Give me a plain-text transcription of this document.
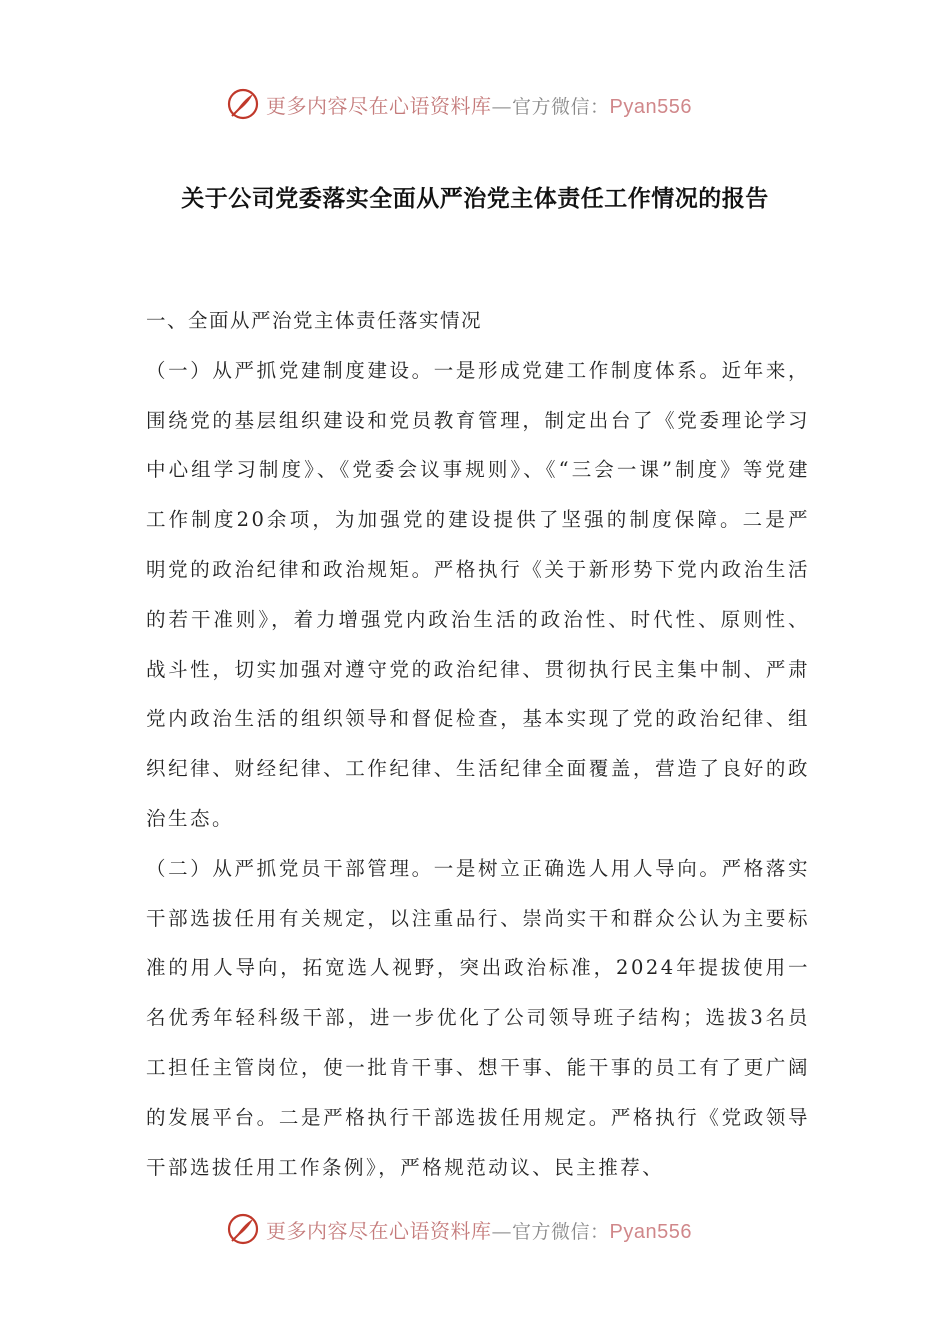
更多内容尽在心语资料库—官方微信：Pyan556
关于公司党委落实全面从严治党主体责任工作情况的报告

一、全面从严治党主体责任落实情况

（一）从严抓党建制度建设。一是形成党建工作制度体系。近年来，围绕党的基层组织建设和党员教育管理，制定出台了《党委理论学习中心组学习制度》、《党委会议事规则》、《“三会一课”制度》等党建工作制度20余项，为加强党的建设提供了坚强的制度保障。二是严明党的政治纪律和政治规矩。严格执行《关于新形势下党内政治生活的若干准则》，着力增强党内政治生活的政治性、时代性、原则性、战斗性，切实加强对遵守党的政治纪律、贯彻执行民主集中制、严肃党内政治生活的组织领导和督促检查，基本实现了党的政治纪律、组织纪律、财经纪律、工作纪律、生活纪律全面覆盖，营造了良好的政治生态。

（二）从严抓党员干部管理。一是树立正确选人用人导向。严格落实干部选拔任用有关规定，以注重品行、崇尚实干和群众公认为主要标准的用人导向，拓宽选人视野，突出政治标准，2024年提拔使用一名优秀年轻科级干部，进一步优化了公司领导班子结构；选拔3名员工担任主管岗位，使一批肯干事、想干事、能干事的员工有了更广阔的发展平台。二是严格执行干部选拔任用规定。严格执行《党政领导干部选拔任用工作条例》，严格规范动议、民主推荐、

更多内容尽在心语资料库—官方微信：Pyan556
